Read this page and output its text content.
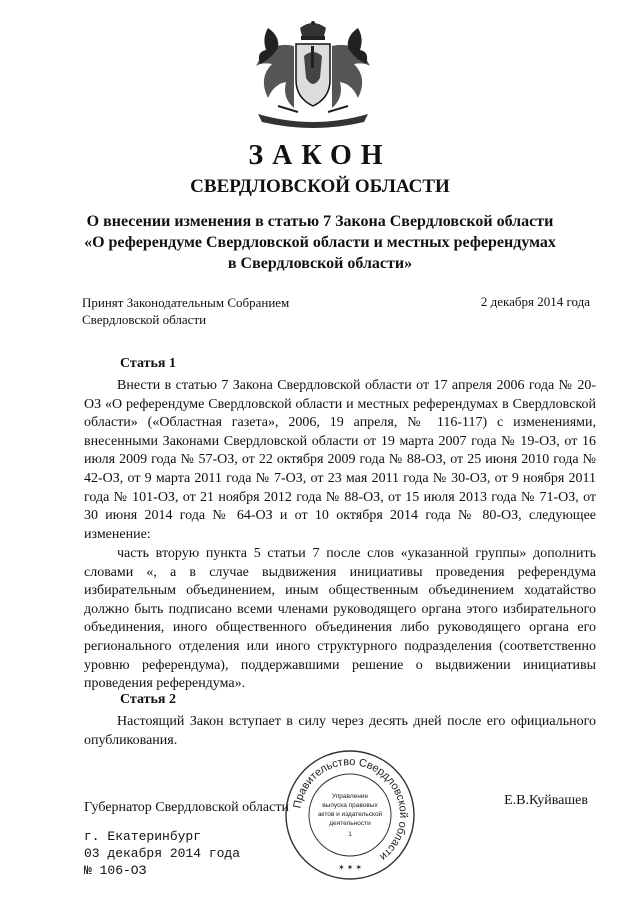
ЗАКОН
СВЕРДЛОВСКОЙ ОБЛАСТИ
О внесении изменения в статью 7 Закона Свердловской области «О референдуме Свердловской области и местных референдумах в Свердловской области»
Принят Законодательным Собранием Свердловской области
2 декабря 2014 года
Статья 1
Внести в статью 7 Закона Свердловской области от 17 апреля 2006 года № 20-ОЗ «О референдуме Свердловской области и местных референдумах в Свердловской области» («Областная газета», 2006, 19 апреля, № 116-117) с изменениями, внесенными Законами Свердловской области от 19 марта 2007 года № 19-ОЗ, от 16 июля 2009 года № 57-ОЗ, от 22 октября 2009 года № 88-ОЗ, от 25 июня 2010 года № 42-ОЗ, от 9 марта 2011 года № 7-ОЗ, от 23 мая 2011 года № 30-ОЗ, от 9 ноября 2011 года № 101-ОЗ, от 21 ноября 2012 года № 88-ОЗ, от 15 июля 2013 года № 71-ОЗ, от 30 июня 2014 года № 64-ОЗ и от 10 октября 2014 года № 80-ОЗ, следующее изменение:
часть вторую пункта 5 статьи 7 после слов «указанной группы» дополнить словами «, а в случае выдвижения инициативы проведения референдума избирательным объединением, иным общественным объединением ходатайство должно быть подписано всеми членами руководящего органа этого избирательного объединения, иного общественного объединения либо руководящего органа его регионального отделения или иного структурного подразделения (соответственно уровню референдума), поддержавшими решение о выдвижении инициативы проведения референдума».
Статья 2
Настоящий Закон вступает в силу через десять дней после его официального опубликования.
Губернатор Свердловской области	Е.В.Куйвашев
г. Екатеринбург
03 декабря 2014 года
№ 106-ОЗ
Правительство Свердловской области
Управление
выпуска правовых
актов и издательской
деятельности
1
✶ ✶ ✶
